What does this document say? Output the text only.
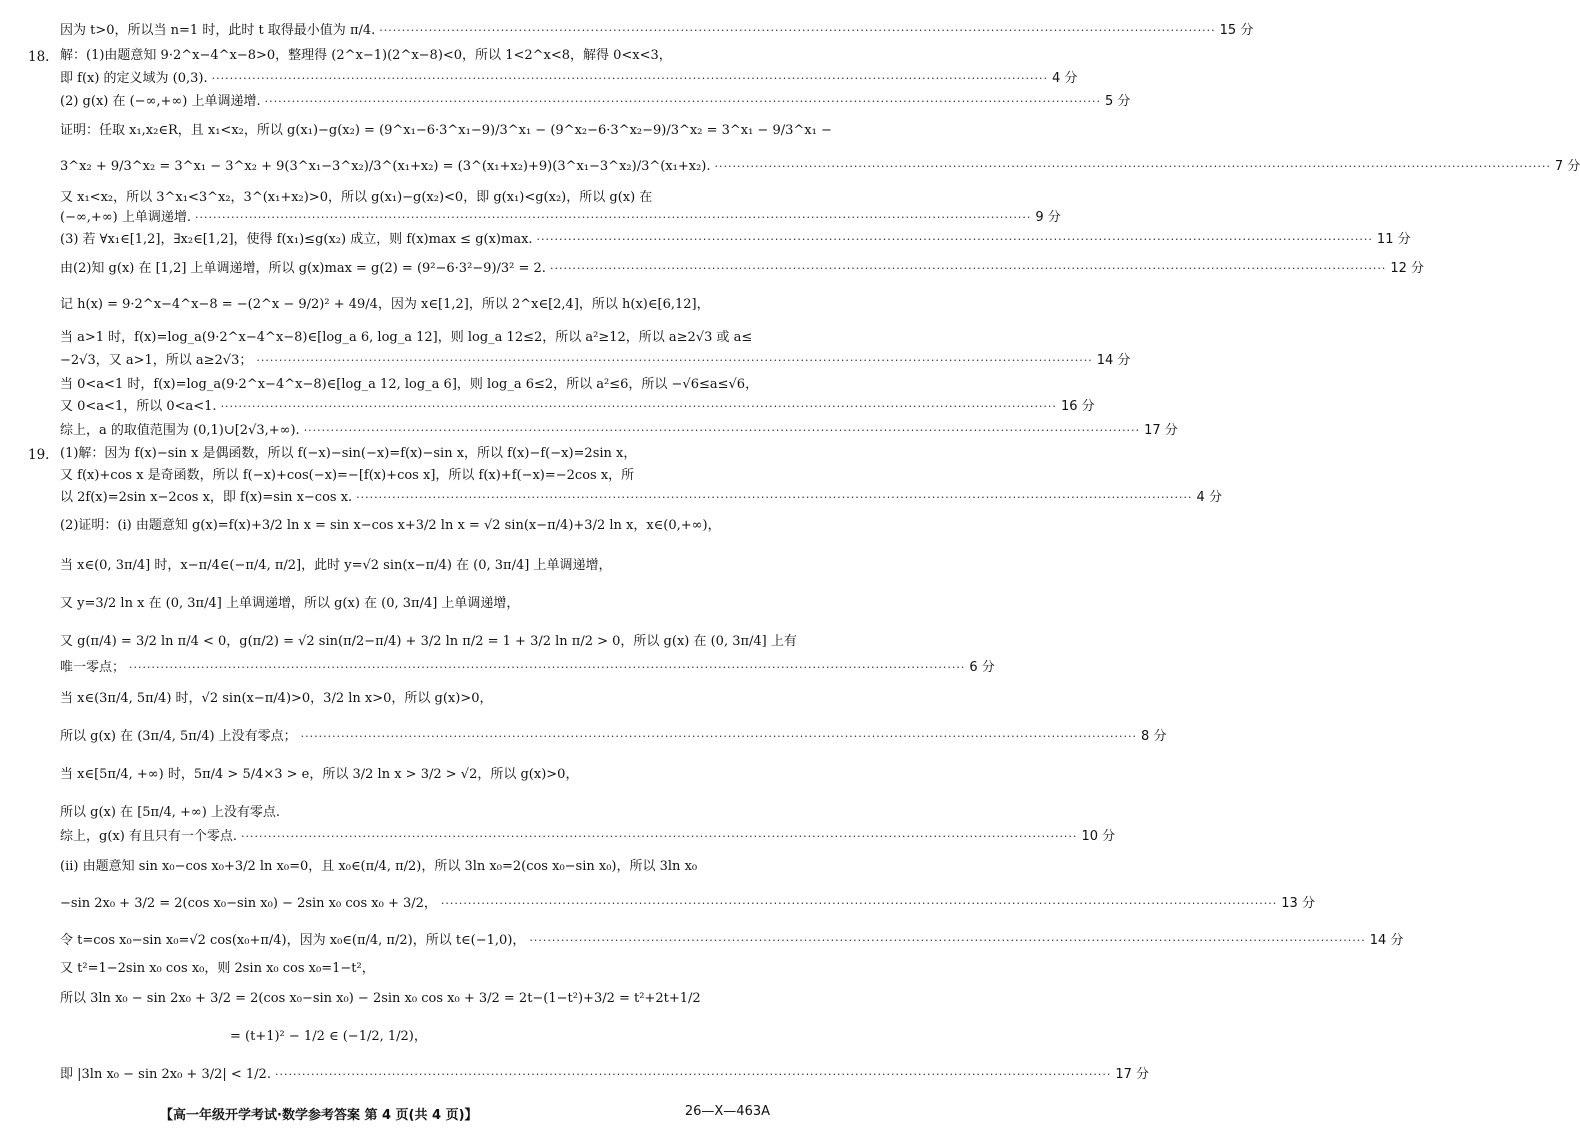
18.
19.
因为 t>0，所以当 n=1 时，此时 t 取得最小值为 π/4. ·····	15 分
解：(1)由题意知 9·2^x−4^x−8>0，整理得 (2^x−1)(2^x−8)<0，所以 1<2^x<8，解得 0<x<3，
即 f(x) 的定义域为 (0,3). ·····	4 分
(2) g(x) 在 (−∞,+∞) 上单调递增. ·····	5 分
证明：任取 x₁,x₂∈R，且 x₁<x₂，所以 g(x₁)−g(x₂) = (9^x₁−6·3^x₁−9)/3^x₁ − (9^x₂−6·3^x₂−9)/3^x₂ = 3^x₁ − 9/3^x₁ −
3^x₂ + 9/3^x₂ = 3^x₁ − 3^x₂ + 9(3^x₁−3^x₂)/3^(x₁+x₂) = (3^(x₁+x₂)+9)(3^x₁−3^x₂)/3^(x₁+x₂). ·····	7 分
又 x₁<x₂，所以 3^x₁<3^x₂，3^(x₁+x₂)>0，所以 g(x₁)−g(x₂)<0，即 g(x₁)<g(x₂)，所以 g(x) 在
(−∞,+∞) 上单调递增. ·····	9 分
(3) 若 ∀x₁∈[1,2]，∃x₂∈[1,2]，使得 f(x₁)≤g(x₂) 成立，则 f(x)max ≤ g(x)max. ·····	11 分
由(2)知 g(x) 在 [1,2] 上单调递增，所以 g(x)max = g(2) = (9²−6·3²−9)/3² = 2. ·····	12 分
记 h(x) = 9·2^x−4^x−8 = −(2^x − 9/2)² + 49/4，因为 x∈[1,2]，所以 2^x∈[2,4]，所以 h(x)∈[6,12]，
当 a>1 时，f(x)=log_a(9·2^x−4^x−8)∈[log_a 6, log_a 12]，则 log_a 12≤2，所以 a²≥12，所以 a≥2√3 或 a≤
−2√3，又 a>1，所以 a≥2√3； ·····	14 分
当 0<a<1 时，f(x)=log_a(9·2^x−4^x−8)∈[log_a 12, log_a 6]，则 log_a 6≤2，所以 a²≤6，所以 −√6≤a≤√6，
又 0<a<1，所以 0<a<1. ·····	16 分
综上，a 的取值范围为 (0,1)∪[2√3,+∞). ·····	17 分
(1)解：因为 f(x)−sin x 是偶函数，所以 f(−x)−sin(−x)=f(x)−sin x，所以 f(x)−f(−x)=2sin x，
又 f(x)+cos x 是奇函数，所以 f(−x)+cos(−x)=−[f(x)+cos x]，所以 f(x)+f(−x)=−2cos x，所
以 2f(x)=2sin x−2cos x，即 f(x)=sin x−cos x. ·····	4 分
(2)证明：(i) 由题意知 g(x)=f(x)+3/2 ln x = sin x−cos x+3/2 ln x = √2 sin(x−π/4)+3/2 ln x，x∈(0,+∞)，
当 x∈(0, 3π/4] 时，x−π/4∈(−π/4, π/2]，此时 y=√2 sin(x−π/4) 在 (0, 3π/4] 上单调递增，
又 y=3/2 ln x 在 (0, 3π/4] 上单调递增，所以 g(x) 在 (0, 3π/4] 上单调递增，
又 g(π/4) = 3/2 ln π/4 < 0，g(π/2) = √2 sin(π/2−π/4) + 3/2 ln π/2 = 1 + 3/2 ln π/2 > 0，所以 g(x) 在 (0, 3π/4] 上有
唯一零点； ·····	6 分
当 x∈(3π/4, 5π/4) 时，√2 sin(x−π/4)>0，3/2 ln x>0，所以 g(x)>0，
所以 g(x) 在 (3π/4, 5π/4) 上没有零点； ·····	8 分
当 x∈[5π/4, +∞) 时，5π/4 > 5/4×3 > e，所以 3/2 ln x > 3/2 > √2，所以 g(x)>0，
所以 g(x) 在 [5π/4, +∞) 上没有零点.
综上，g(x) 有且只有一个零点. ·····	10 分
(ii) 由题意知 sin x₀−cos x₀+3/2 ln x₀=0，且 x₀∈(π/4, π/2)，所以 3ln x₀=2(cos x₀−sin x₀)，所以 3ln x₀
−sin 2x₀ + 3/2 = 2(cos x₀−sin x₀) − 2sin x₀ cos x₀ + 3/2， ·····	13 分
令 t=cos x₀−sin x₀=√2 cos(x₀+π/4)，因为 x₀∈(π/4, π/2)，所以 t∈(−1,0)， ·····	14 分
又 t²=1−2sin x₀ cos x₀，则 2sin x₀ cos x₀=1−t²，
所以 3ln x₀ − sin 2x₀ + 3/2 = 2(cos x₀−sin x₀) − 2sin x₀ cos x₀ + 3/2 = 2t−(1−t²)+3/2 = t²+2t+1/2
= (t+1)² − 1/2 ∈ (−1/2, 1/2)，
即 |3ln x₀ − sin 2x₀ + 3/2| < 1/2. ·····	17 分
【高一年级开学考试·数学参考答案 第 4 页(共 4 页)】	26—X—463A
